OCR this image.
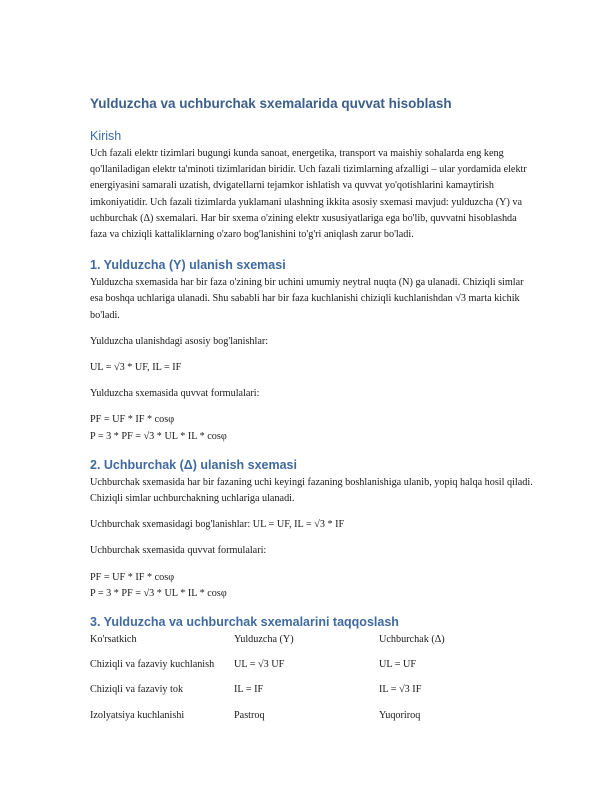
Yulduzcha va uchburchak sxemalarida quvvat hisoblash
Kirish

Uch fazali elektr tizimlari bugungi kunda sanoat, energetika, transport va maishiy sohalarda eng keng qo'llaniladigan elektr ta'minoti tizimlaridan biridir. Uch fazali tizimlarning afzalligi – ular yordamida elektr energiyasini samarali uzatish, dvigatellarni tejamkor ishlatish va quvvat yo'qotishlarini kamaytirish imkoniyatidir. Uch fazali tizimlarda yuklamani ulashning ikkita asosiy sxemasi mavjud: yulduzcha (Y) va uchburchak (Δ) sxemalari. Har bir sxema o'zining elektr xususiyatlariga ega bo'lib, quvvatni hisoblashda faza va chiziqli kattaliklarning o'zaro bog'lanishini to'g'ri aniqlash zarur bo'ladi.

1. Yulduzcha (Y) ulanish sxemasi

Yulduzcha sxemasida har bir faza o'zining bir uchini umumiy neytral nuqta (N) ga ulanadi. Chiziqli simlar esa boshqa uchlariga ulanadi. Shu sababli har bir faza kuchlanishi chiziqli kuchlanishdan √3 marta kichik bo'ladi.

Yulduzcha ulanishdagi asosiy bog'lanishlar:

UL = √3 * UF, IL = IF

Yulduzcha sxemasida quvvat formulalari:

PF = UF * IF * cosφ

P = 3 * PF = √3 * UL * IL * cosφ

2. Uchburchak (Δ) ulanish sxemasi

Uchburchak sxemasida har bir fazaning uchi keyingi fazaning boshlanishiga ulanib, yopiq halqa hosil qiladi. Chiziqli simlar uchburchakning uchlariga ulanadi.

Uchburchak sxemasidagi bog'lanishlar: UL = UF, IL = √3 * IF

Uchburchak sxemasida quvvat formulalari:

PF = UF * IF * cosφ

P = 3 * PF = √3 * UL * IL * cosφ

3. Yulduzcha va uchburchak sxemalarini taqqoslash
Ko'rsatkich	Yulduzcha (Y)	Uchburchak (Δ)
Chiziqli va fazaviy kuchlanish	UL = √3 UF	UL = UF
Chiziqli va fazaviy tok	IL = IF	IL = √3 IF
Izolyatsiya kuchlanishi	Pastroq	Yuqoriroq
